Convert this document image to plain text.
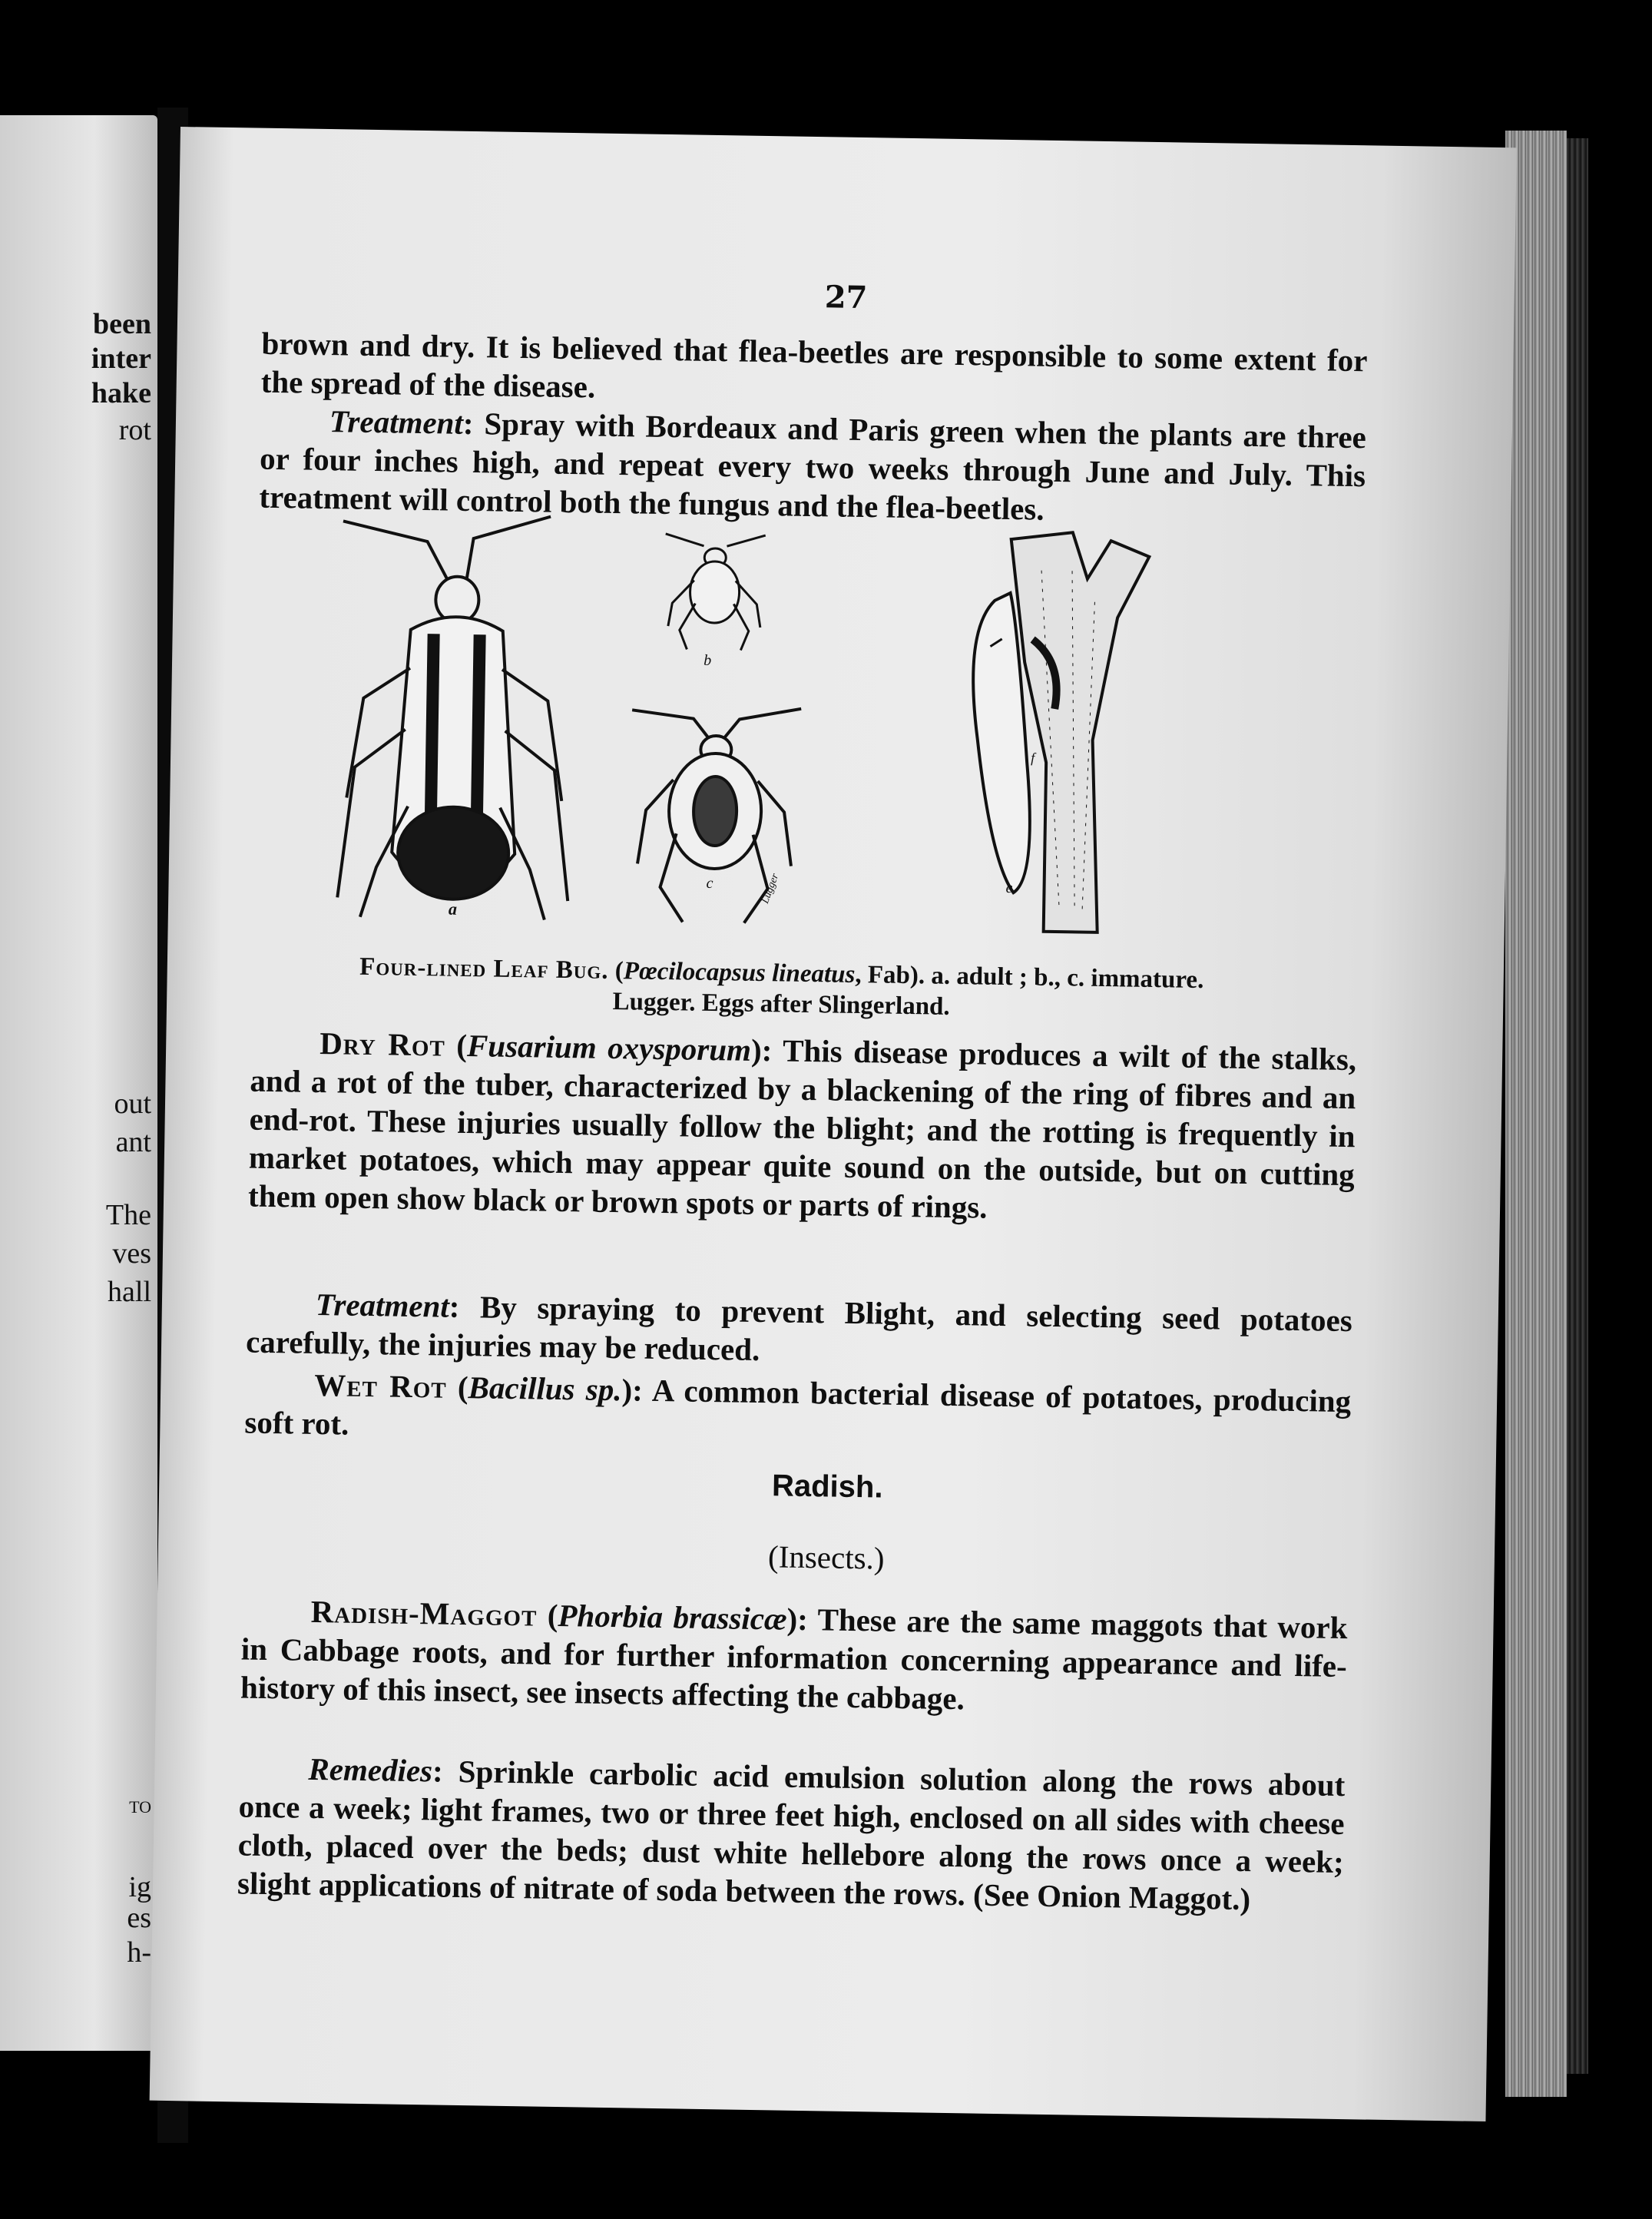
been
inter
hake
rot
out
ant
The
ves
hall
TO
ig
es
h-
27
brown and dry. It is believed that flea-beetles are responsible to some extent for the spread of the disease.
Treatment: Spray with Bordeaux and Paris green when the plants are three or four inches high, and repeat every two weeks through June and July. This treatment will control both the fungus and the flea-beetles.
a
b
c	Lugger	e
f
Four-lined Leaf Bug. (Pœcilocapsus lineatus, Fab). a. adult ; b., c. immature.
Lugger. Eggs after Slingerland.
Dry Rot (Fusarium oxysporum): This disease produces a wilt of the stalks, and a rot of the tuber, characterized by a blackening of the ring of fibres and an end-rot. These injuries usually follow the blight; and the rotting is frequently in market potatoes, which may appear quite sound on the outside, but on cutting them open show black or brown spots or parts of rings.
Treatment: By spraying to prevent Blight, and selecting seed potatoes carefully, the injuries may be reduced.
Wet Rot (Bacillus sp.): A common bacterial disease of potatoes, producing soft rot.
Radish.
(Insects.)
Radish-Maggot (Phorbia brassicæ): These are the same maggots that work in Cabbage roots, and for further information concerning appearance and life-history of this insect, see insects affecting the cabbage.
Remedies: Sprinkle carbolic acid emulsion solution along the rows about once a week; light frames, two or three feet high, enclosed on all sides with cheese cloth, placed over the beds; dust white hellebore along the rows once a week; slight applications of nitrate of soda between the rows. (See Onion Maggot.)
